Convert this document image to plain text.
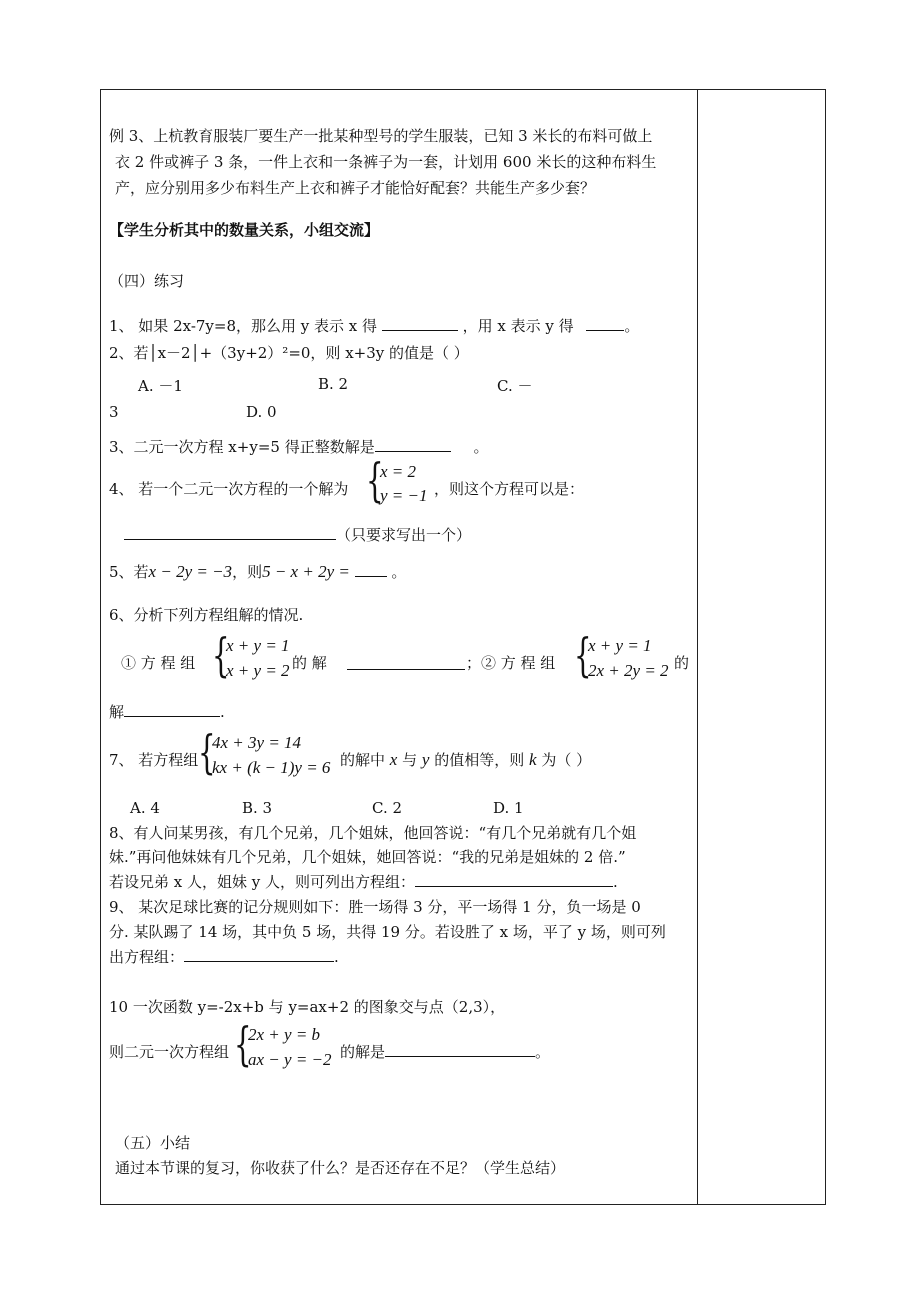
例 3、上杭教育服装厂要生产一批某种型号的学生服装，已知 3 米长的布料可做上
衣 2 件或裤子 3 条，一件上衣和一条裤子为一套，计划用 600 米长的这种布料生
产，应分别用多少布料生产上衣和裤子才能恰好配套？共能生产多少套？
【学生分析其中的数量关系，小组交流】
（四）练习
1、 如果 2x-7y=8，那么用 y 表示 x 得	，用 x 表示 y 得	。
2、若│x－2│+（3y+2）²=0，则 x+3y 的值是（ ）
A. －1	B. 2	C. －
3	D. 0
3、二元一次方程 x+y=5 得正整数解是	。
4、 若一个二元一次方程的一个解为 {
x = 2
y = −1 ，则这个方程可以是：
（只要求写出一个）
5、若x − 2y = −3，则5 − x + 2y =	。
6、分析下列方程组解的情况.
① 方 程 组 {
x + y = 1
x + y = 2 的 解	；② 方 程 组 {
x + y = 1
2x + 2y = 2 的
解	.
7、 若方程组 {
4x + 3y = 14
kx + (k − 1)y = 6 的解中 x 与 y 的值相等，则 k 为（ ）
A. 4	B. 3	C. 2	D. 1
8、有人问某男孩，有几个兄弟，几个姐妹，他回答说：“有几个兄弟就有几个姐
妹.”再问他妹妹有几个兄弟，几个姐妹，她回答说：“我的兄弟是姐妹的 2 倍.”
若设兄弟 x 人，姐妹 y 人，则可列出方程组：	.
9、 某次足球比赛的记分规则如下：胜一场得 3 分，平一场得 1 分，负一场是 0
分. 某队踢了 14 场，其中负 5 场，共得 19 分。若设胜了 x 场，平了 y 场，则可列
出方程组：	.
10 一次函数 y=-2x+b 与 y=ax+2 的图象交与点（2,3），
则二元一次方程组 {
2x + y = b
ax − y = −2 的解是	。
（五）小结
通过本节课的复习，你收获了什么？是否还存在不足？（学生总结）
